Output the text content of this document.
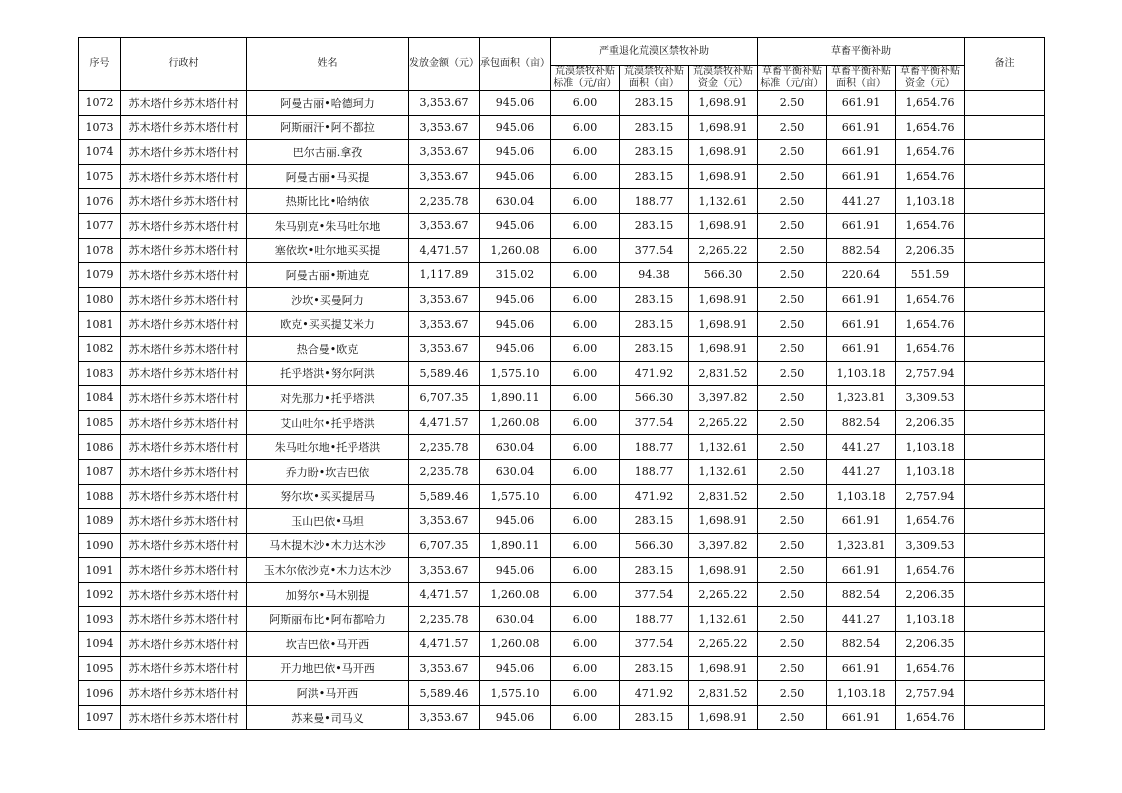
序号	行政村	姓名	发放金额（元）	承包面积（亩）	严重退化荒漠区禁牧补助			草畜平衡补助			备注
					荒漠禁牧补贴标准（元/亩）	荒漠禁牧补贴面积（亩）	荒漠禁牧补贴资金（元）	草畜平衡补贴标准（元/亩）	草畜平衡补贴面积（亩）	草畜平衡补贴资金（元）	
1072	苏木塔什乡苏木塔什村	阿曼古丽•哈德珂力	3,353.67	945.06	6.00	283.15	1,698.91	2.50	661.91	1,654.76	
1073	苏木塔什乡苏木塔什村	阿斯丽汗•阿不都拉	3,353.67	945.06	6.00	283.15	1,698.91	2.50	661.91	1,654.76	
1074	苏木塔什乡苏木塔什村	巴尔古丽.拿孜	3,353.67	945.06	6.00	283.15	1,698.91	2.50	661.91	1,654.76	
1075	苏木塔什乡苏木塔什村	阿曼古丽•马买提	3,353.67	945.06	6.00	283.15	1,698.91	2.50	661.91	1,654.76	
1076	苏木塔什乡苏木塔什村	热斯比比•哈纳依	2,235.78	630.04	6.00	188.77	1,132.61	2.50	441.27	1,103.18	
1077	苏木塔什乡苏木塔什村	朱马别克•朱马吐尔地	3,353.67	945.06	6.00	283.15	1,698.91	2.50	661.91	1,654.76	
1078	苏木塔什乡苏木塔什村	塞依坎•吐尔地买买提	4,471.57	1,260.08	6.00	377.54	2,265.22	2.50	882.54	2,206.35	
1079	苏木塔什乡苏木塔什村	阿曼古丽•斯迪克	1,117.89	315.02	6.00	94.38	566.30	2.50	220.64	551.59	
1080	苏木塔什乡苏木塔什村	沙坎•买曼阿力	3,353.67	945.06	6.00	283.15	1,698.91	2.50	661.91	1,654.76	
1081	苏木塔什乡苏木塔什村	欧克•买买提艾米力	3,353.67	945.06	6.00	283.15	1,698.91	2.50	661.91	1,654.76	
1082	苏木塔什乡苏木塔什村	热合曼•欧克	3,353.67	945.06	6.00	283.15	1,698.91	2.50	661.91	1,654.76	
1083	苏木塔什乡苏木塔什村	托乎塔洪•努尔阿洪	5,589.46	1,575.10	6.00	471.92	2,831.52	2.50	1,103.18	2,757.94	
1084	苏木塔什乡苏木塔什村	对先那力•托乎塔洪	6,707.35	1,890.11	6.00	566.30	3,397.82	2.50	1,323.81	3,309.53	
1085	苏木塔什乡苏木塔什村	艾山吐尔•托乎塔洪	4,471.57	1,260.08	6.00	377.54	2,265.22	2.50	882.54	2,206.35	
1086	苏木塔什乡苏木塔什村	朱马吐尔地•托乎塔洪	2,235.78	630.04	6.00	188.77	1,132.61	2.50	441.27	1,103.18	
1087	苏木塔什乡苏木塔什村	乔力盼•坎吉巴依	2,235.78	630.04	6.00	188.77	1,132.61	2.50	441.27	1,103.18	
1088	苏木塔什乡苏木塔什村	努尔坎•买买提居马	5,589.46	1,575.10	6.00	471.92	2,831.52	2.50	1,103.18	2,757.94	
1089	苏木塔什乡苏木塔什村	玉山巴依•马坦	3,353.67	945.06	6.00	283.15	1,698.91	2.50	661.91	1,654.76	
1090	苏木塔什乡苏木塔什村	马木提木沙•木力达木沙	6,707.35	1,890.11	6.00	566.30	3,397.82	2.50	1,323.81	3,309.53	
1091	苏木塔什乡苏木塔什村	玉木尔依沙克•木力达木沙	3,353.67	945.06	6.00	283.15	1,698.91	2.50	661.91	1,654.76	
1092	苏木塔什乡苏木塔什村	加努尔•马木别提	4,471.57	1,260.08	6.00	377.54	2,265.22	2.50	882.54	2,206.35	
1093	苏木塔什乡苏木塔什村	阿斯丽布比•阿布都哈力	2,235.78	630.04	6.00	188.77	1,132.61	2.50	441.27	1,103.18	
1094	苏木塔什乡苏木塔什村	坎吉巴依•马开西	4,471.57	1,260.08	6.00	377.54	2,265.22	2.50	882.54	2,206.35	
1095	苏木塔什乡苏木塔什村	开力地巴依•马开西	3,353.67	945.06	6.00	283.15	1,698.91	2.50	661.91	1,654.76	
1096	苏木塔什乡苏木塔什村	阿洪•马开西	5,589.46	1,575.10	6.00	471.92	2,831.52	2.50	1,103.18	2,757.94	
1097	苏木塔什乡苏木塔什村	苏来曼•司马义	3,353.67	945.06	6.00	283.15	1,698.91	2.50	661.91	1,654.76	
